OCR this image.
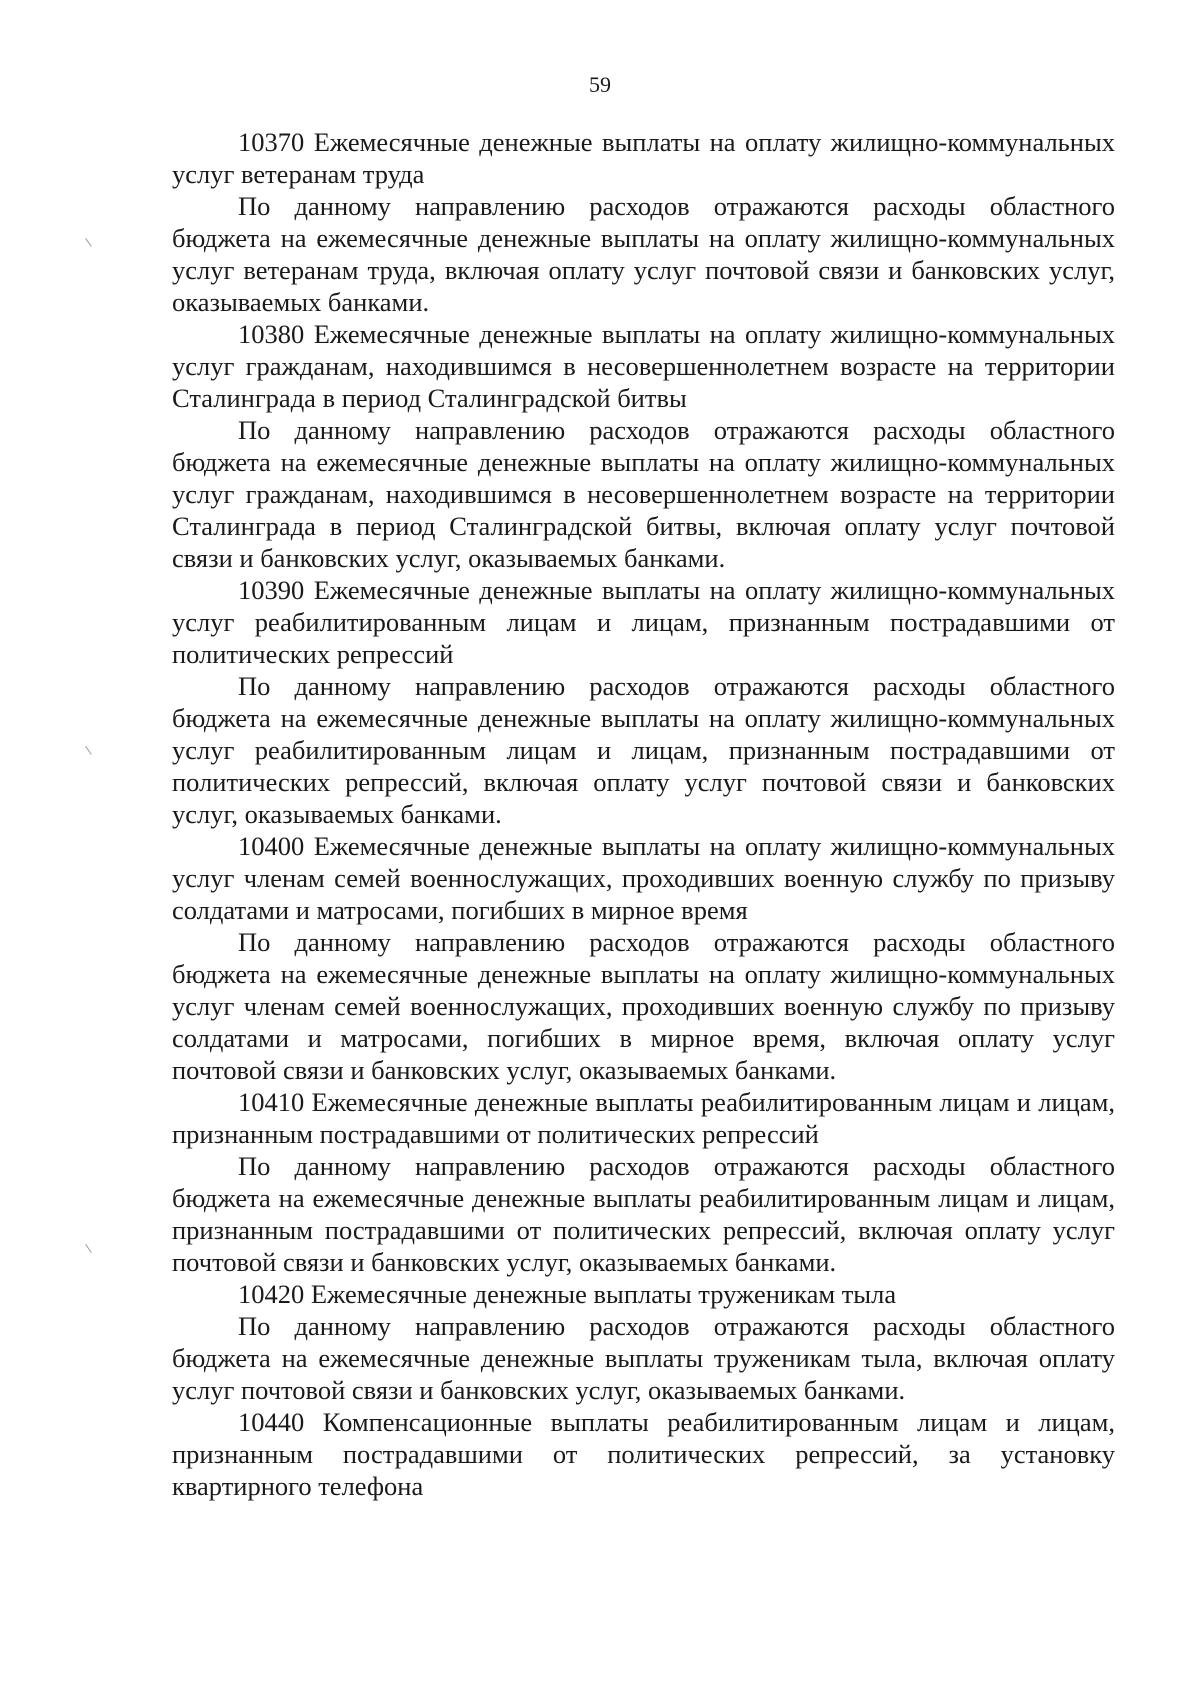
59

10370 Ежемесячные денежные выплаты на оплату жилищно-коммунальных услуг ветеранам труда

По данному направлению расходов отражаются расходы областного бюджета на ежемесячные денежные выплаты на оплату жилищно-коммунальных услуг ветеранам труда, включая оплату услуг почтовой связи и банковских услуг, оказываемых банками.

10380 Ежемесячные денежные выплаты на оплату жилищно-коммунальных услуг гражданам, находившимся в несовершеннолетнем возрасте на территории Сталинграда в период Сталинградской битвы

По данному направлению расходов отражаются расходы областного бюджета на ежемесячные денежные выплаты на оплату жилищно-коммунальных услуг гражданам, находившимся в несовершеннолетнем возрасте на территории Сталинграда в период Сталинградской битвы, включая оплату услуг почтовой связи и банковских услуг, оказываемых банками.

10390 Ежемесячные денежные выплаты на оплату жилищно-коммунальных услуг реабилитированным лицам и лицам, признанным пострадавшими от политических репрессий

По данному направлению расходов отражаются расходы областного бюджета на ежемесячные денежные выплаты на оплату жилищно-коммунальных услуг реабилитированным лицам и лицам, признанным пострадавшими от политических репрессий, включая оплату услуг почтовой связи и банковских услуг, оказываемых банками.

10400 Ежемесячные денежные выплаты на оплату жилищно-коммунальных услуг членам семей военнослужащих, проходивших военную службу по призыву солдатами и матросами, погибших в мирное время

По данному направлению расходов отражаются расходы областного бюджета на ежемесячные денежные выплаты на оплату жилищно-коммунальных услуг членам семей военнослужащих, проходивших военную службу по призыву солдатами и матросами, погибших в мирное время, включая оплату услуг почтовой связи и банковских услуг, оказываемых банками.

10410 Ежемесячные денежные выплаты реабилитированным лицам и лицам, признанным пострадавшими от политических репрессий

По данному направлению расходов отражаются расходы областного бюджета на ежемесячные денежные выплаты реабилитированным лицам и лицам, признанным пострадавшими от политических репрессий, включая оплату услуг почтовой связи и банковских услуг, оказываемых банками.

10420 Ежемесячные денежные выплаты труженикам тыла

По данному направлению расходов отражаются расходы областного бюджета на ежемесячные денежные выплаты труженикам тыла, включая оплату услуг почтовой связи и банковских услуг, оказываемых банками.

10440 Компенсационные выплаты реабилитированным лицам и лицам, признанным пострадавшими от политических репрессий, за установку квартирного телефона
